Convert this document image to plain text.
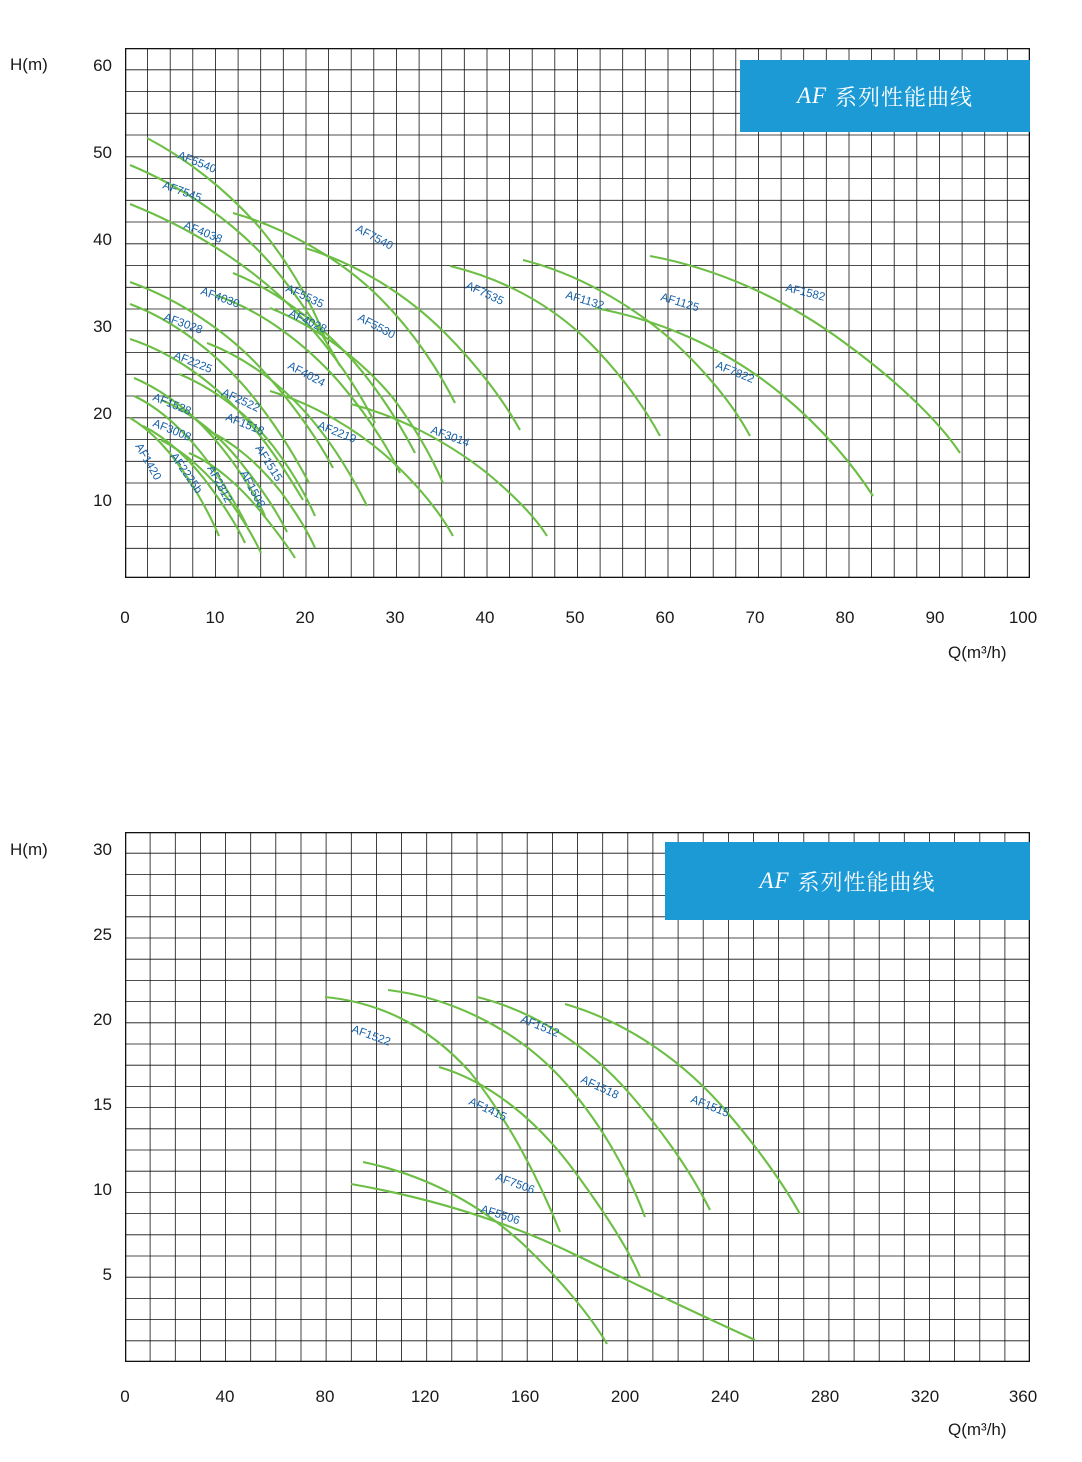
H(m)	60
50
40
30
20
10
0	10	20	30	40	50	60	70	80	90	100
Q(m³/h)
AF5540
AF7545
AF4038	AF7540
AF7535	AF1132	AF1125	AF1582
AF4030	AF5535
AF4028 AF5530
AF3028
AF7822
AF2225	AF4024
AF1528 AF2522
AF2219	AF3014
AF3008	AF1518
AF1420 AF2225b AF2812
AF1515
AF1508
AF 系列性能曲线
H(m)	30
25
20
15
10
5
0	40	80	120	160	200	240	280	320	360
Q(m³/h)
AF1522	AF1512
AF1518
AF1515
AF1415
AF7506
AF5506
AF 系列性能曲线
